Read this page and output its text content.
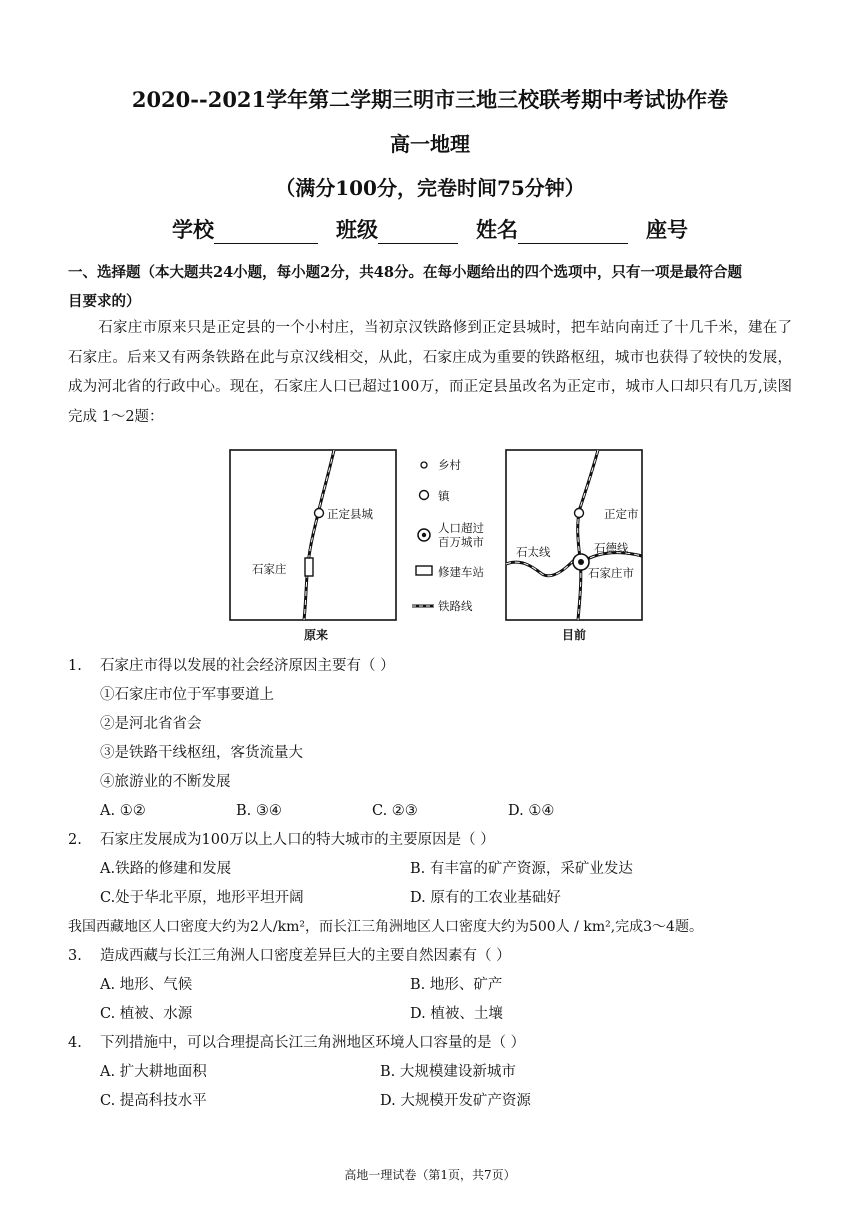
2020--2021学年第二学期三明市三地三校联考期中考试协作卷
高一地理
（满分100分，完卷时间75分钟）
学校	班级	姓名	座号
一、选择题（本大题共24小题，每小题2分，共48分。在每小题给出的四个选项中，只有一项是最符合题
目要求的）
石家庄市原来只是正定县的一个小村庄，当初京汉铁路修到正定县城时，把车站向南迁了十几千米，建在了石家庄。后来又有两条铁路在此与京汉线相交，从此，石家庄成为重要的铁路枢纽，城市也获得了较快的发展，成为河北省的行政中心。现在，石家庄人口已超过100万，而正定县虽改名为正定市，城市人口却只有几万,读图完成 1～2题：
正定县城
石家庄
原来
乡村
镇
人口超过
百万城市
修建车站
铁路线
正定市
石德线
石太线
石家庄市
目前
1. 石家庄市得以发展的社会经济原因主要有（ ）
①石家庄市位于军事要道上
②是河北省省会
③是铁路干线枢纽，客货流量大
④旅游业的不断发展
A. ①②	B. ③④	C. ②③	D. ①④
2. 石家庄发展成为100万以上人口的特大城市的主要原因是（ ）
A.铁路的修建和发展	B. 有丰富的矿产资源，采矿业发达
C.处于华北平原，地形平坦开阔	D. 原有的工农业基础好
我国西藏地区人口密度大约为2人/km²，而长江三角洲地区人口密度大约为500人 / km²,完成3～4题。
3. 造成西藏与长江三角洲人口密度差异巨大的主要自然因素有（ ）
A. 地形、气候	B. 地形、矿产
C. 植被、水源	D. 植被、土壤
4. 下列措施中，可以合理提高长江三角洲地区环境人口容量的是（ ）
A. 扩大耕地面积	B. 大规模建设新城市
C. 提高科技水平	D. 大规模开发矿产资源
高地一理试卷（第1页，共7页）
